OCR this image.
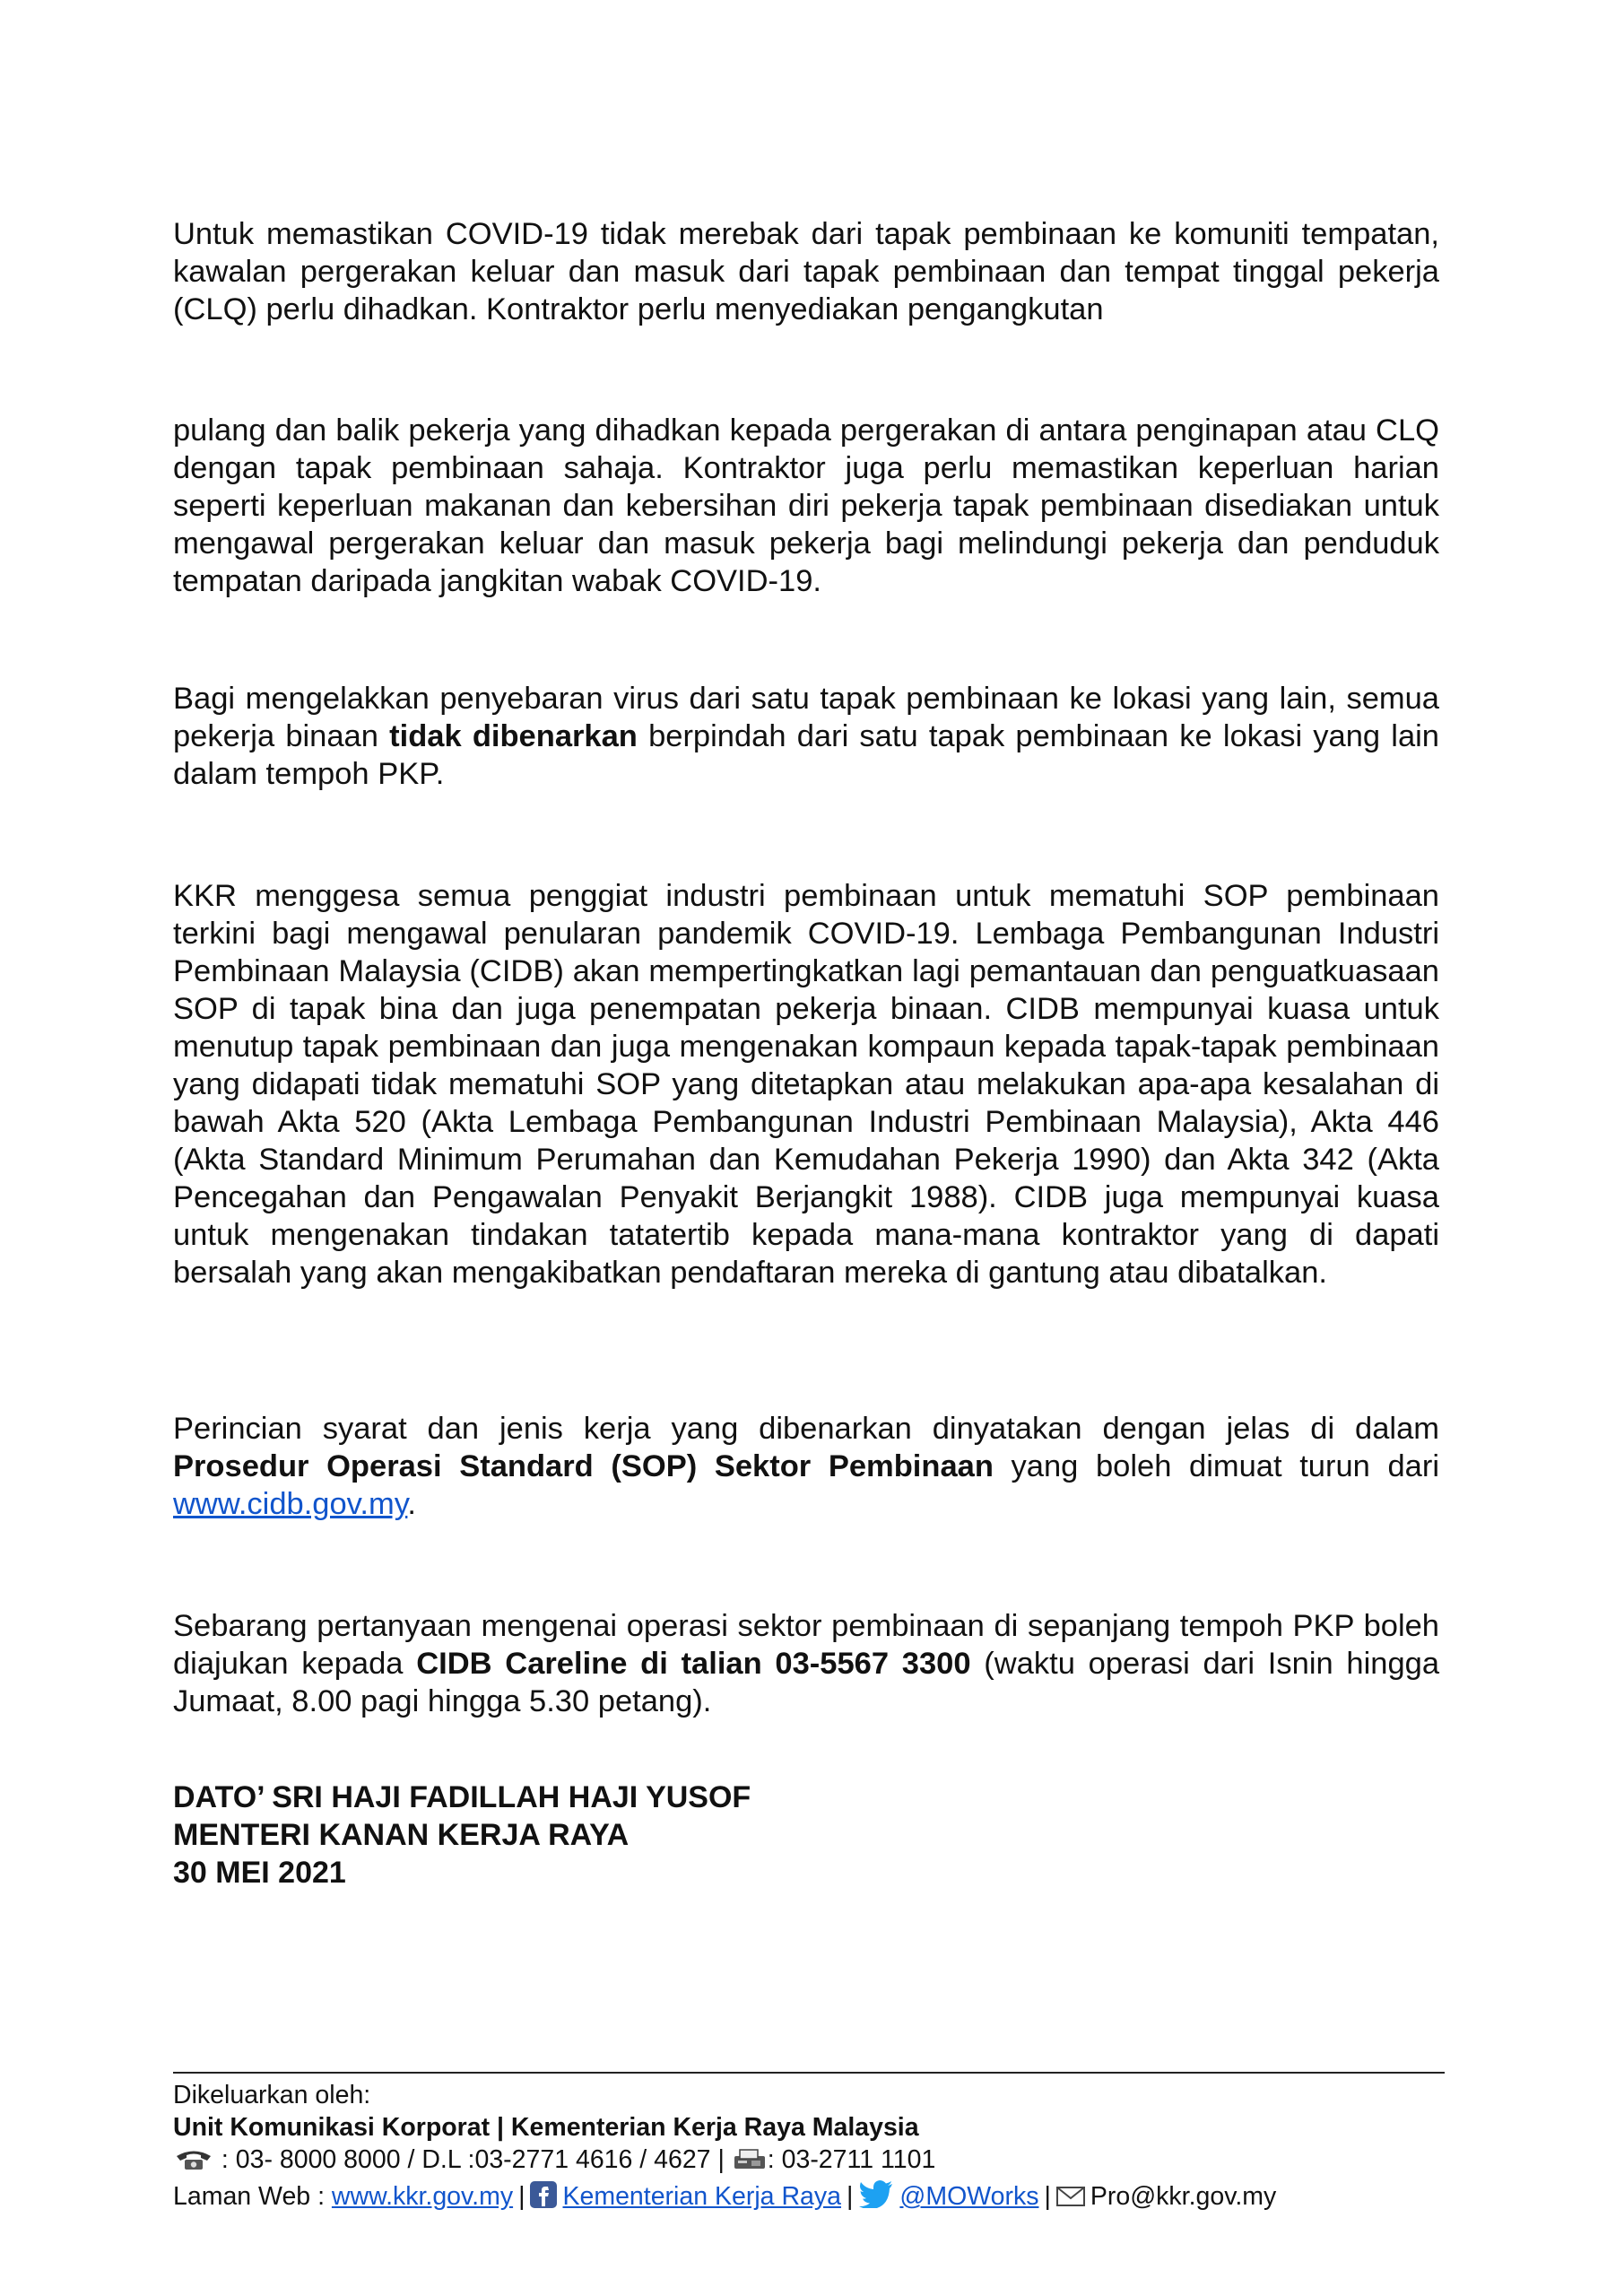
Untuk memastikan COVID-19 tidak merebak dari tapak pembinaan ke komuniti tempatan, kawalan pergerakan keluar dan masuk dari tapak pembinaan dan tempat tinggal pekerja (CLQ) perlu dihadkan. Kontraktor perlu menyediakan pengangkutan

pulang dan balik pekerja yang dihadkan kepada pergerakan di antara penginapan atau CLQ dengan tapak pembinaan sahaja. Kontraktor juga perlu memastikan keperluan harian seperti keperluan makanan dan kebersihan diri pekerja tapak pembinaan disediakan untuk mengawal pergerakan keluar dan masuk pekerja bagi melindungi pekerja dan penduduk tempatan daripada jangkitan wabak COVID-19.

Bagi mengelakkan penyebaran virus dari satu tapak pembinaan ke lokasi yang lain, semua pekerja binaan tidak dibenarkan berpindah dari satu tapak pembinaan ke lokasi yang lain dalam tempoh PKP.

KKR menggesa semua penggiat industri pembinaan untuk mematuhi SOP pembinaan terkini bagi mengawal penularan pandemik COVID-19. Lembaga Pembangunan Industri Pembinaan Malaysia (CIDB) akan mempertingkatkan lagi pemantauan dan penguatkuasaan SOP di tapak bina dan juga penempatan pekerja binaan. CIDB mempunyai kuasa untuk menutup tapak pembinaan dan juga mengenakan kompaun kepada tapak-tapak pembinaan yang didapati tidak mematuhi SOP yang ditetapkan atau melakukan apa-apa kesalahan di bawah Akta 520 (Akta Lembaga Pembangunan Industri Pembinaan Malaysia), Akta 446 (Akta Standard Minimum Perumahan dan Kemudahan Pekerja 1990) dan Akta 342 (Akta Pencegahan dan Pengawalan Penyakit Berjangkit 1988). CIDB juga mempunyai kuasa untuk mengenakan tindakan tatatertib kepada mana-mana kontraktor yang di dapati bersalah yang akan mengakibatkan pendaftaran mereka di gantung atau dibatalkan.

Perincian syarat dan jenis kerja yang dibenarkan dinyatakan dengan jelas di dalam Prosedur Operasi Standard (SOP) Sektor Pembinaan yang boleh dimuat turun dari www.cidb.gov.my.

Sebarang pertanyaan mengenai operasi sektor pembinaan di sepanjang tempoh PKP boleh diajukan kepada CIDB Careline di talian 03-5567 3300 (waktu operasi dari Isnin hingga Jumaat, 8.00 pagi hingga 5.30 petang).

DATO’ SRI HAJI FADILLAH HAJI YUSOF
MENTERI KANAN KERJA RAYA
30 MEI 2021
Dikeluarkan oleh:
Unit Komunikasi Korporat | Kementerian Kerja Raya Malaysia
: 03- 8000 8000 / D.L :03-2771 4616 / 4627 | : 03-2711 1101
Laman Web : www.kkr.gov.my | Kementerian Kerja Raya | @MOWorks | Pro@kkr.gov.my
